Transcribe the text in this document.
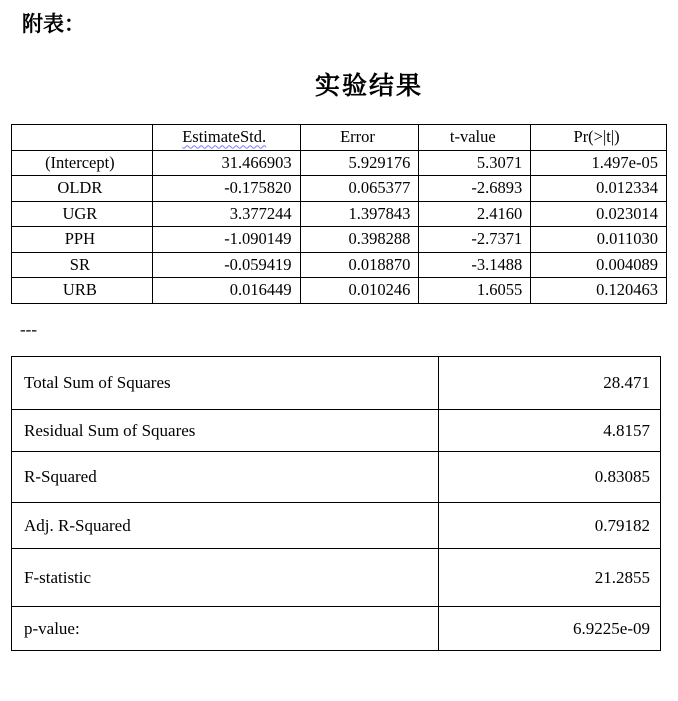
附表：
实验结果
	EstimateStd.	Error	t-value	Pr(>|t|)
(Intercept)	31.466903	5.929176	5.3071	1.497e-05
OLDR	-0.175820	0.065377	-2.6893	0.012334
UGR	3.377244	1.397843	2.4160	0.023014
PPH	-1.090149	0.398288	-2.7371	0.011030
SR	-0.059419	0.018870	-3.1488	0.004089
URB	0.016449	0.010246	1.6055	0.120463
---
Total Sum of Squares	28.471
Residual Sum of Squares	4.8157
R-Squared	0.83085
Adj. R-Squared	0.79182
F-statistic	21.2855
p-value:	6.9225e-09
